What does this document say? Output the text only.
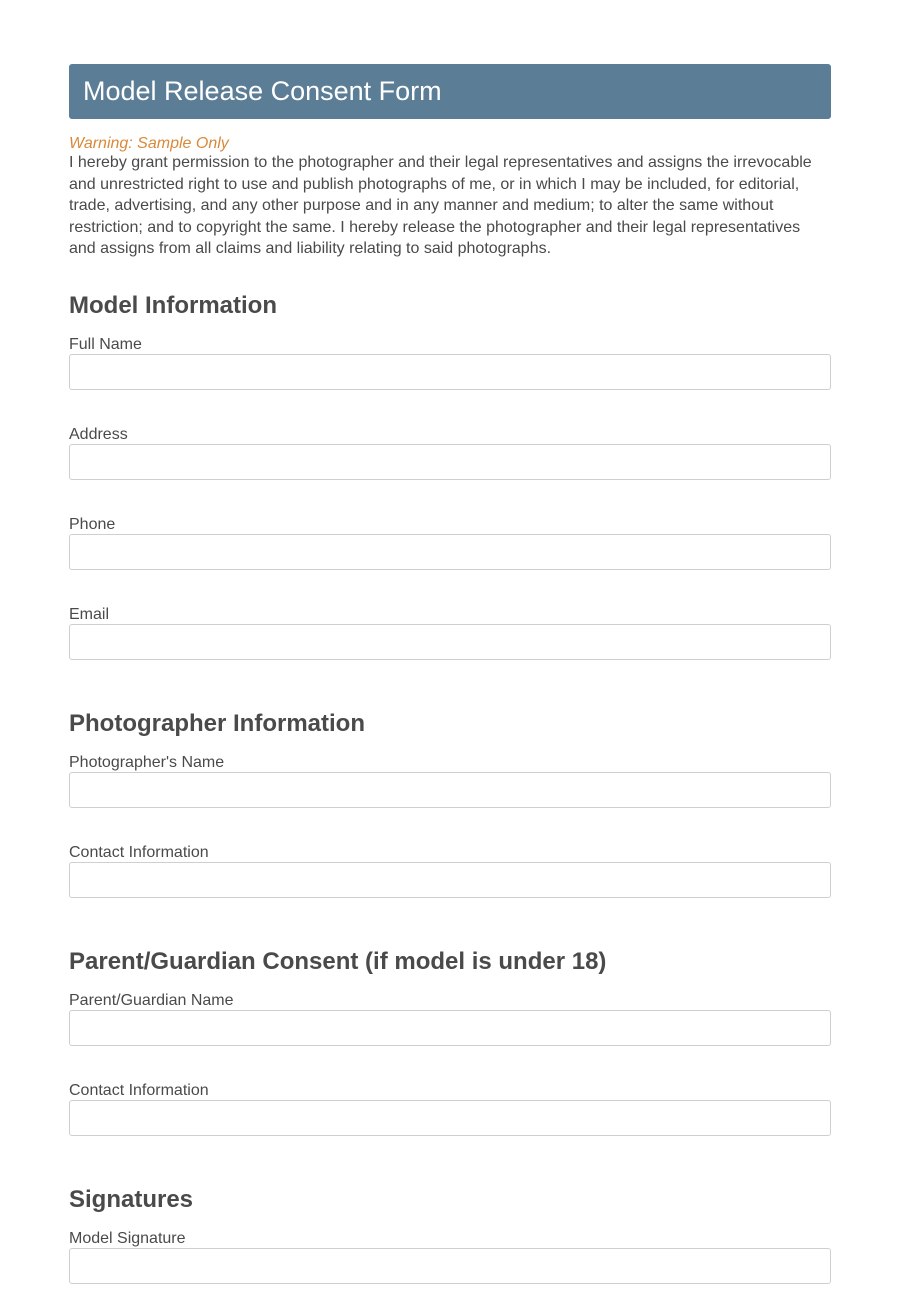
Model Release Consent Form
Warning: Sample Only

I hereby grant permission to the photographer and their legal representatives and assigns the irrevocable and unrestricted right to use and publish photographs of me, or in which I may be included, for editorial, trade, advertising, and any other purpose and in any manner and medium; to alter the same without restriction; and to copyright the same. I hereby release the photographer and their legal representatives and assigns from all claims and liability relating to said photographs.

Model Information
Full Name
Address
Phone
Email
Photographer Information
Photographer's Name
Contact Information
Parent/Guardian Consent (if model is under 18)
Parent/Guardian Name
Contact Information
Signatures
Model Signature
